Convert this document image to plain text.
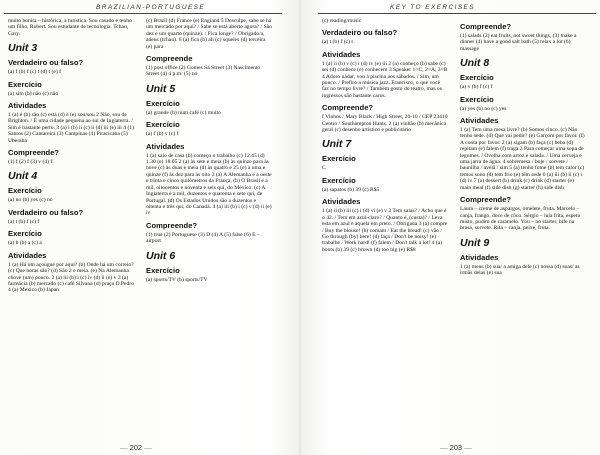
BRAZILIAN-PORTUGUESE

muito bonita – histórica, a turística. Sou casado e tenho um filho, Robert. Sou estudante de tecnologia. Tchau, Gary.

Unit 3
Verdadeiro ou falso?

(a) f (b) f (c) t (d) t (e) f

Exercício

(a) sim (b) não (c) não

Atividades

1 (a) é (b) são (c) está (d) é (e) sou/sou 2 Não, sou de Brighton. / É uma cidade pequena ao sul de Inglaterra. / Sim é bastante perto. 3 (a) i (b) ii (c) ii (d) iii (e) iii 4 (1) Santos (2) Cantareira (3) Campinas (4) Piracicaba (5) Uberaba

Compreende?

(1) f (2) f (3) v (4) f

Unit 4
Exercício

(a) no (b) yes (c) no

Verdadeiro ou falso?

(a) t (b) f (c) f

Exercício

(a) b (b) a (c) a

Atividades

1 (a) Há um açougue por aqui? (b) Onde há um correio? (c) Que horas são? (d) São 2 e meia. (e) Na Alemanha chove (um) pouco. 2 (a) iii (b) i (c) iv (d) ii (e) v 3 (a) farmácia (b) mercado (c) café Silvana (d) praça D.Pedro 4 (a) Mexico (b) Japan

(c) Brazil (d) France (e) England 5 Desculpe, sabe se há um mercado por aqui? / Sabe se está aberto agora? / São dez e um quarto (quinze). / Fica longe? / Obrigado/a, adeus (tchau). 6 (a) fica (b) ali (c) squeles (d) terceira (e) para

Compreende

(1) post office (2) Gomes Sá Street (3) Nascimento Street (4) 4 p.m. (5) no

Unit 5
Exercício

(a) grande (b) num café (c) muito

Exercício

(a) f (b) v (c) f

Atividades

1 (a) saio de casa (b) começo o trabalho (c) 12.45 (d) 1.30 (e) 18.05 2 (a) às sete e meia (b) às quinze para às nove (c) às duas e meia (d) às quatro e 25 (e) à uma e quinze (f) às dez para às oito 3 (a) A Alemanha é a oeste e trinta e cinco quilômetros da França, (b) O Brasil é a mil, oitocentos e noventa e seis qui, do México. (c) A Inglaterra é a mil, duzentos e quarenta e sete qui, de Portugal. (d) Os Estados Unidos são a duzentos e oitenta e três qui, do Canadá. 4 (a) iii (b) i (c) v (d) ii (e) iv

Compreende?

(1) true (2) Portuguese (3) D (4) A (5) false (6) E – airport

Unit 6
Exercício

(a) sports/TV (b) sports/TV

— 202 —
KEY TO EXERCISES

(c) reading/music

Verdadeiro ou falso?

(a) t (b) f (c) t

Atividades

1 (a) ii (b) v (c) i (d) iv (e) iii 2 (a) conheço (b) sabe (c) sei (d) conhece (e) conhecem 3 Speaker 1=C, 2=A, 3=B 4 Adoro nadar, vou à piscina aos sábados. / Sim, um pouco. / Prefiro a música jazz. Francisco, o que você faz no tempo livre? / Também gosto do teatro, mas os ingressos são bastante caros.

Compreende?

f Vinhos / Mary Black / High Street, 20-10 / CEP 23410 Centro / Southampton Hants. 2 (a) vinhão (b) mecânica geral (c) desenho artístico e publicitário

Unit 7
Exercício

C

Exercício

(a) sapatos (b) 39 (c) R$5

Atividades

1 (a) ii (b) iii (c) i (d) vi (e) v 2 Tem saias? / Acho que é o 42. / Tem em azul-claro? / Quanto é, (custa)? / Leva esta em azul e aquela em preto. / Obrigada 3 (a) compre / Buy the blouse! (b) comam / Eat the bread! (c) vão / Go through (by) here! (d) faça / Don't be noisy! (e) trabalhe / Work hard! (f) falem / Don't talk a lot! 4 (a) boots (b) 39 (c) brown (d) too big (e) R$8

Compreende?

(1) salads (2) eat fruits, not sweet things, (3) make a dinner (4) have a good salt bath (5) relax a lot (6) massage

Unit 8
Exercício

(a) v (b) f (c) f

Exercício

(a) yes (b) no (c) yes

Atividades

1 (a) Tem uma mesa livre? (b) Somos cinco. (c) Não tenho sede. (d) Que vai pedir? (e) Garçom por favor. (f) A conta por favor. 2 (a) sigam (b) faça (c) beba (d) repitam (e) falem (f) traga 3 Para começar uma sopa de legumes. / Ovelha com arroz e salada. / Uma cerveja e uma jarra de água. 4 sobremesa / boje / sorvete / baunilha / avelã / sim 5 (a) tenho fome (b) tem calor (c) temos sono (d) tem frio (e) têm sede 6 (a) iii (b) ii (c) i (d) iv 7 (a) dessert (b) drink (c) drink (d) starter (e) main meal (f) side dish (g) starter (h) side dish

Compreende?

Laura – creme de aspargos, omelete, fruta. Marcelo – canja, frango, doce de côco. Sérgio – lula frita, espeto misto, pudim de caramelo. You – no starter, bife na brasa, sorvete. Rita – canja, peixe, fruta.

Unit 9
Atividades

1 (a) meus (b) sua/ a amiga dele (c) nossa (d) suas/ as irmãs delas (e) sua

— 203 —
